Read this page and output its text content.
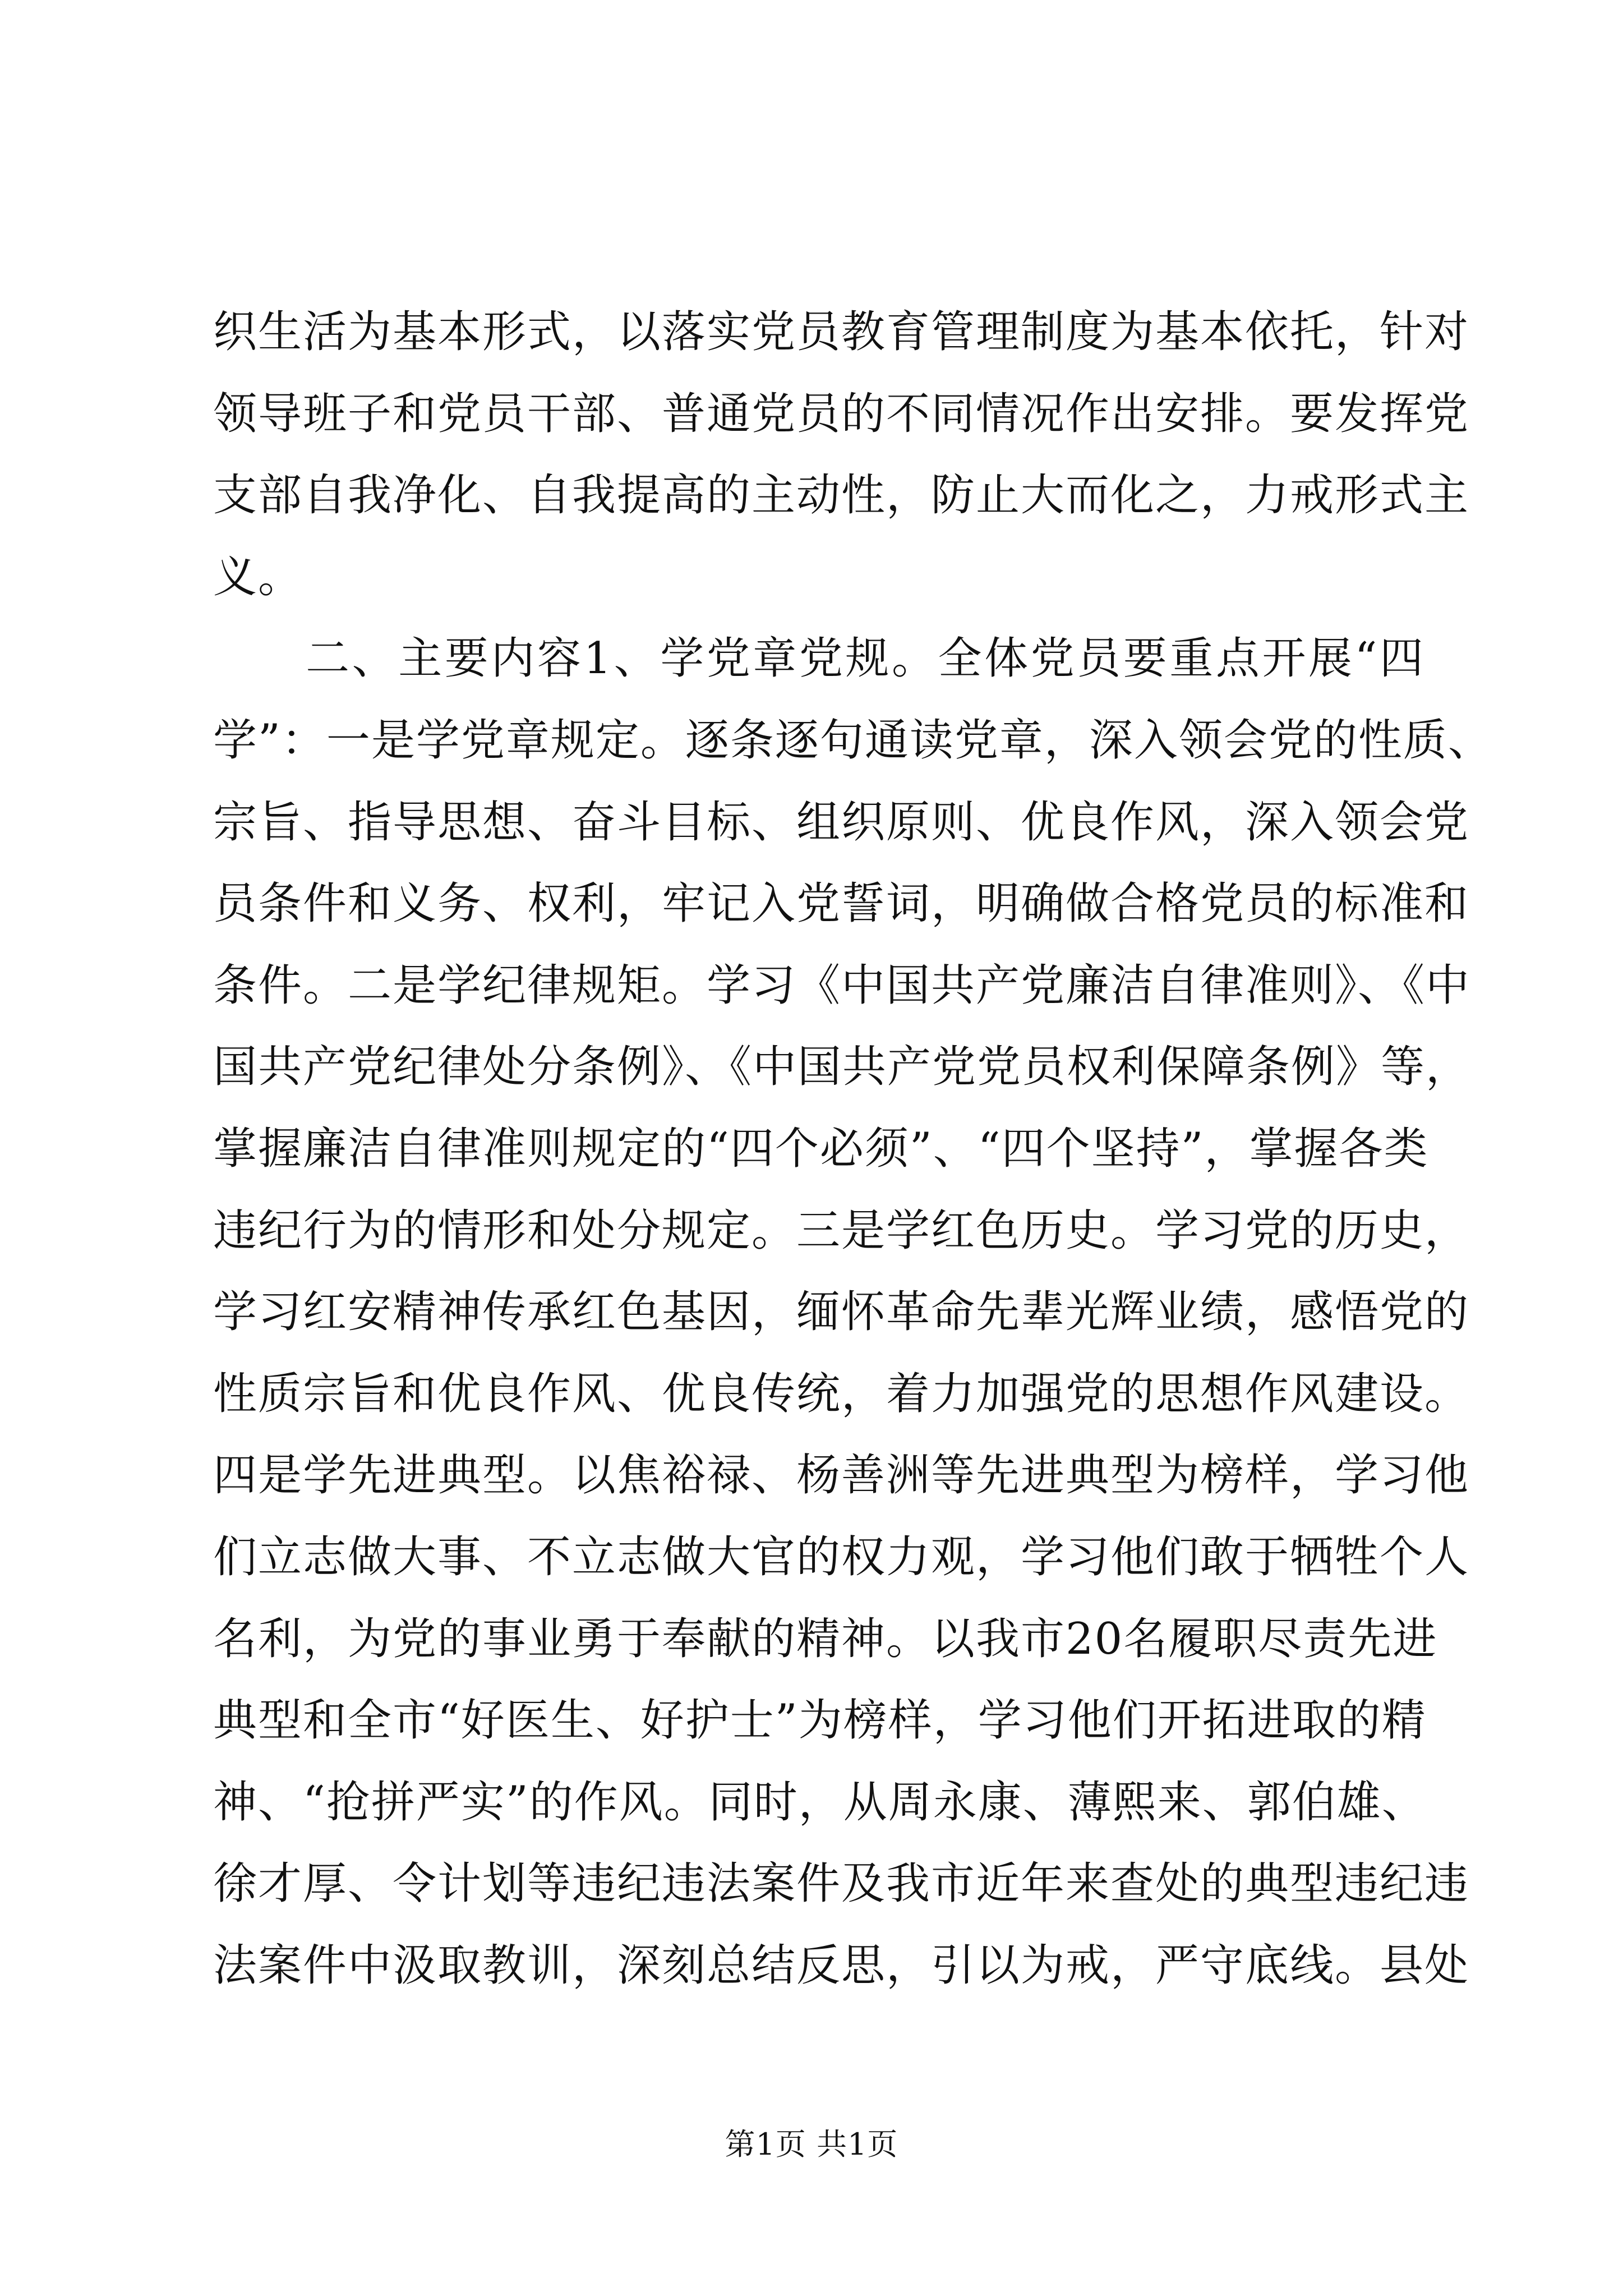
织生活为基本形式，以落实党员教育管理制度为基本依托，针对
领导班子和党员干部、普通党员的不同情况作出安排。要发挥党
支部自我净化、自我提高的主动性，防止大而化之，力戒形式主
义。
　　二、主要内容1、学党章党规。全体党员要重点开展“四
学”：一是学党章规定。逐条逐句通读党章，深入领会党的性质、
宗旨、指导思想、奋斗目标、组织原则、优良作风，深入领会党
员条件和义务、权利，牢记入党誓词，明确做合格党员的标准和
条件。二是学纪律规矩。学习《中国共产党廉洁自律准则》、《中
国共产党纪律处分条例》、《中国共产党党员权利保障条例》等，
掌握廉洁自律准则规定的“四个必须”、“四个坚持”，掌握各类
违纪行为的情形和处分规定。三是学红色历史。学习党的历史，
学习红安精神传承红色基因，缅怀革命先辈光辉业绩，感悟党的
性质宗旨和优良作风、优良传统，着力加强党的思想作风建设。
四是学先进典型。以焦裕禄、杨善洲等先进典型为榜样，学习他
们立志做大事、不立志做大官的权力观，学习他们敢于牺牲个人
名利，为党的事业勇于奉献的精神。以我市20名履职尽责先进
典型和全市“好医生、好护士”为榜样，学习他们开拓进取的精
神、“抢拼严实”的作风。同时，从周永康、薄熙来、郭伯雄、
徐才厚、令计划等违纪违法案件及我市近年来查处的典型违纪违
法案件中汲取教训，深刻总结反思，引以为戒，严守底线。县处
第1页 共1页
